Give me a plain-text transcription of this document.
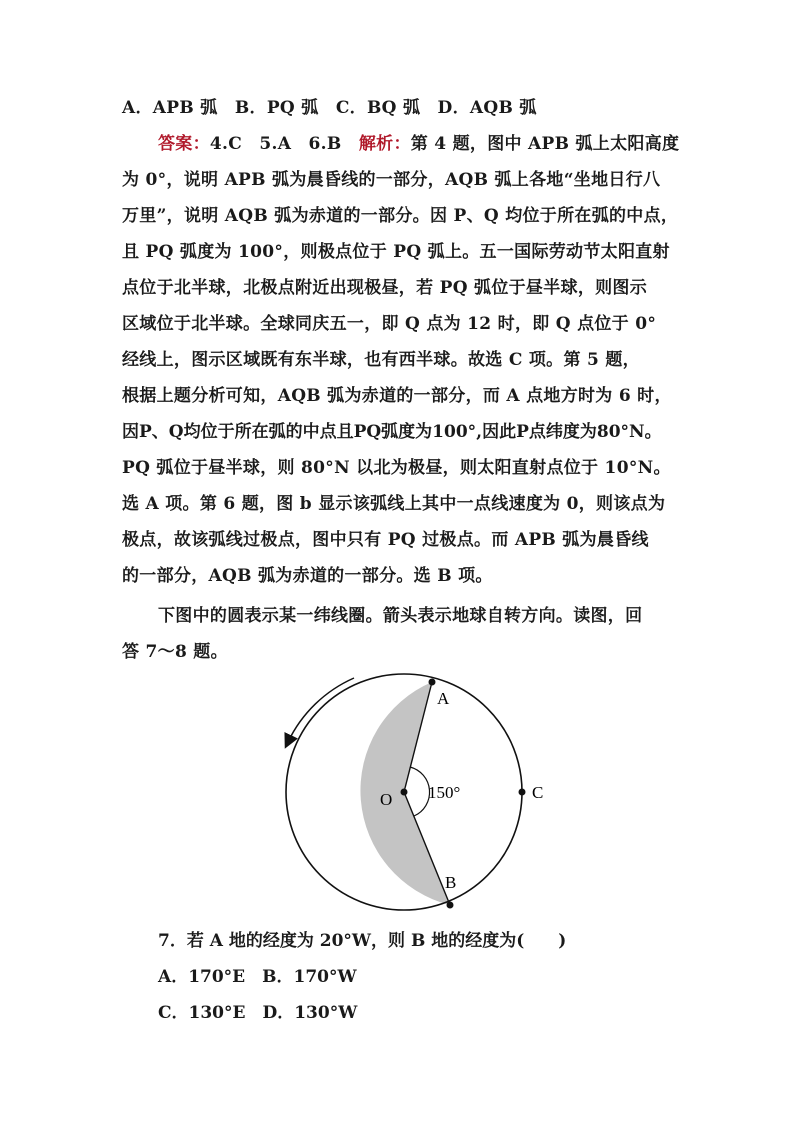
A．APB 弧　B．PQ 弧　C．BQ 弧　D．AQB 弧
答案：4.C　5.A　6.B　解析：第 4 题，图中 APB 弧上太阳高度
为 0°，说明 APB 弧为晨昏线的一部分，AQB 弧上各地“坐地日行八
万里”，说明 AQB 弧为赤道的一部分。因 P、Q 均位于所在弧的中点，
且 PQ 弧度为 100°，则极点位于 PQ 弧上。五一国际劳动节太阳直射
点位于北半球，北极点附近出现极昼，若 PQ 弧位于昼半球，则图示
区域位于北半球。全球同庆五一，即 Q 点为 12 时，即 Q 点位于 0°
经线上，图示区域既有东半球，也有西半球。故选 C 项。第 5 题，
根据上题分析可知，AQB 弧为赤道的一部分，而 A 点地方时为 6 时，
因P、Q均位于所在弧的中点且PQ弧度为100°,因此P点纬度为80°N。
PQ 弧位于昼半球，则 80°N 以北为极昼，则太阳直射点位于 10°N。
选 A 项。第 6 题，图 b 显示该弧线上其中一点线速度为 0，则该点为
极点，故该弧线过极点，图中只有 PQ 过极点。而 APB 弧为晨昏线
的一部分，AQB 弧为赤道的一部分。选 B 项。
下图中的圆表示某一纬线圈。箭头表示地球自转方向。读图，回
答 7～8 题。
A
B
C
O 150°
7．若 A 地的经度为 20°W，则 B 地的经度为(　　)
A．170°E　B．170°W
C．130°E　D．130°W
